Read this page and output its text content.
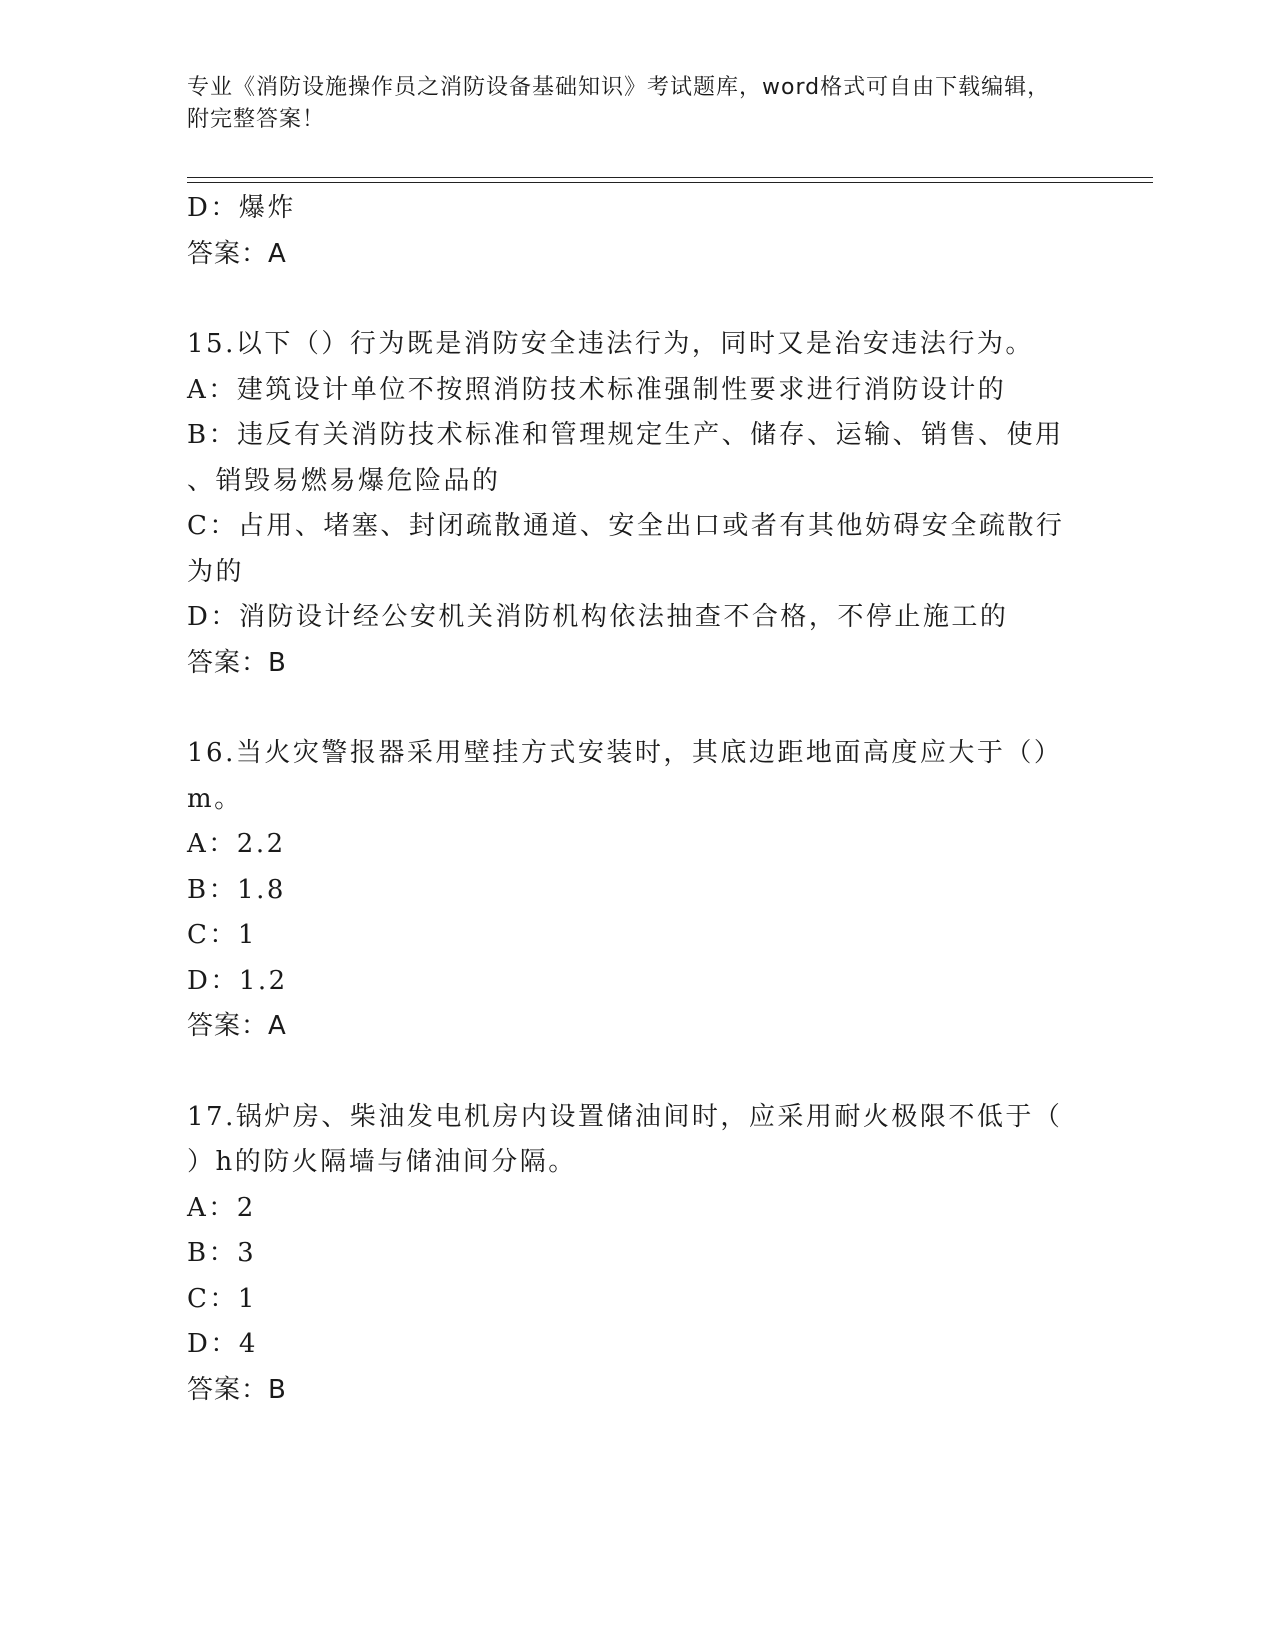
专业《消防设施操作员之消防设备基础知识》考试题库，word格式可自由下载编辑，附完整答案！

D：爆炸

答案：A

15.以下（）行为既是消防安全违法行为，同时又是治安违法行为。

A：建筑设计单位不按照消防技术标准强制性要求进行消防设计的

B：违反有关消防技术标准和管理规定生产、储存、运输、销售、使用

、销毁易燃易爆危险品的

C：占用、堵塞、封闭疏散通道、安全出口或者有其他妨碍安全疏散行

为的

D：消防设计经公安机关消防机构依法抽查不合格，不停止施工的

答案：B

16.当火灾警报器采用壁挂方式安装时，其底边距地面高度应大于（）

m。

A：2.2

B：1.8

C：1

D：1.2

答案：A

17.锅炉房、柴油发电机房内设置储油间时，应采用耐火极限不低于（

）h的防火隔墙与储油间分隔。

A：2

B：3

C：1

D：4

答案：B
